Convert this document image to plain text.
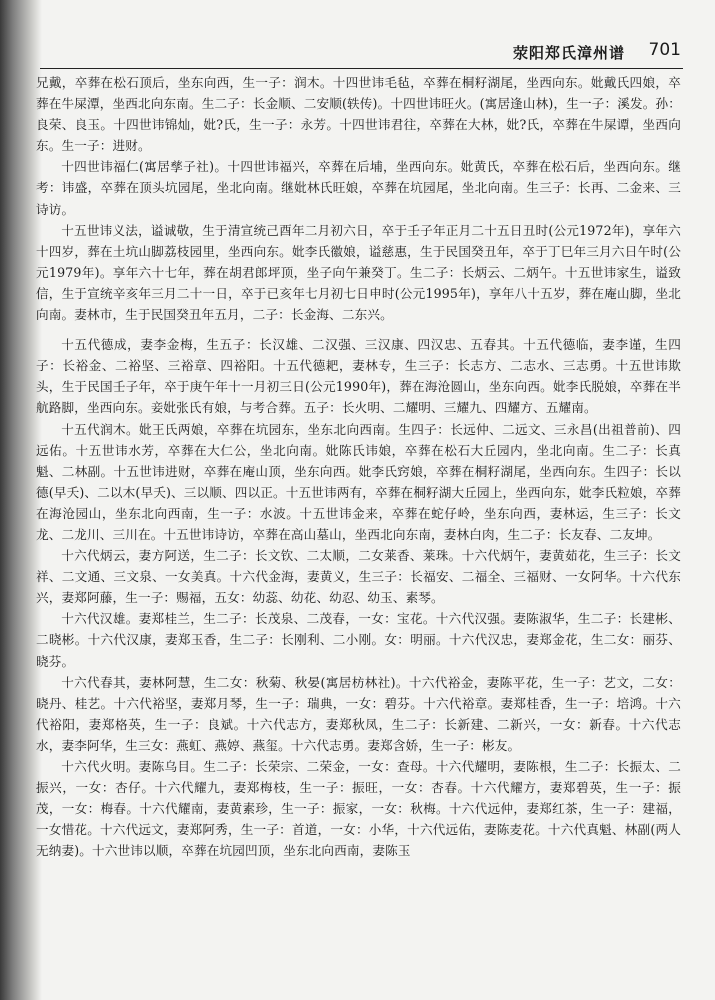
荥阳郑氏漳州谱 701

兄戴，卒葬在松石顶后，坐东向西，生一子：润木。十四世讳毛毡，卒葬在桐籽湖尾，坐西向东。妣戴氏四娘，卒葬在牛屎潭，坐西北向东南。生二子：长金顺、二安顺(轶传)。十四世讳旺火。(寓居逢山林)，生一子：溪发。孙：良荣、良玉。十四世讳锦灿，妣?氏，生一子：永芳。十四世讳君往，卒葬在大林，妣?氏，卒葬在牛屎谭，坐西向东。生一子：进财。

十四世讳福仁(寓居孳子社)。十四世讳福兴，卒葬在后埔，坐西向东。妣黄氏，卒葬在松石后，坐西向东。继考：讳盛，卒葬在顶头坑园尾，坐北向南。继妣林氏旺娘，卒葬在坑园尾，坐北向南。生三子：长再、二金来、三诗访。

十五世讳义法，谥诚敬，生于清宣统己酉年二月初六日，卒于壬子年正月二十五日丑时(公元1972年)，享年六十四岁，葬在土坑山脚荔枝园里，坐西向东。妣李氏徽娘，谥慈惠，生于民国癸丑年，卒于丁巳年三月六日午时(公元1979年)。享年六十七年，葬在胡君郎坪顶，坐子向午兼癸丁。生二子：长炳云、二炳午。十五世讳家生，谥致信，生于宣统辛亥年三月二十一日，卒于已亥年七月初七日申时(公元1995年)，享年八十五岁，葬在庵山脚，坐北向南。妻林市，生于民国癸丑年五月，二子：长金海、二东兴。

十五代德成，妻李金梅，生五子：长汉雄、二汉强、三汉康、四汉忠、五春其。十五代德临，妻李谨，生四子：长裕金、二裕坚、三裕章、四裕阳。十五代德耙，妻林专，生三子：长志方、二志水、三志勇。十五世讳欺头，生于民国壬子年，卒于庚午年十一月初三日(公元1990年)，葬在海沧圆山，坐东向西。妣李氏脱娘，卒葬在半航路脚，坐西向东。妾妣张氏有娘，与考合葬。五子：长火明、二耀明、三耀九、四耀方、五耀南。

十五代润木。妣王氏两娘，卒葬在坑园东，坐东北向西南。生四子：长远仲、二远文、三永昌(出祖普前)、四远佑。十五世讳水芳，卒葬在大仁公，坐北向南。妣陈氏讳娘，卒葬在松石大丘园内，坐北向南。生二子：长真魁、二林副。十五世讳进财，卒葬在庵山顶，坐东向西。妣李氏窍娘，卒葬在桐籽湖尾，坐西向东。生四子：长以德(早夭)、二以木(早夭)、三以顺、四以正。十五世讳两有，卒葬在桐籽湖大丘园上，坐西向东，妣李氏粒娘，卒葬在海沧园山，坐东北向西南，生一子：水波。十五世讳金来，卒葬在蛇仔岭，坐东向西，妻林运，生三子：长文龙、二龙川、三川在。十五世讳诗访，卒葬在高山墓山，坐西北向东南，妻林白肉，生二子：长友春、二友坤。

十六代炳云，妻方阿送，生二子：长文钦、二太顺，二女莱香、莱珠。十六代炳午，妻黄茹花，生三子：长文祥、二文通、三文泉、一女美真。十六代金海，妻黄义，生三子：长福安、二福全、三福财、一女阿华。十六代东兴，妻郑阿藤，生一子：赐福，五女：幼蕊、幼花、幼忍、幼玉、素琴。

十六代汉雄。妻郑桂兰，生二子：长茂泉、二茂春，一女：宝花。十六代汉强。妻陈淑华，生二子：长建彬、二晓彬。十六代汉康，妻郑玉香，生二子：长刚利、二小刚。女：明丽。十六代汉忠，妻郑金花，生二女：丽芬、晓芬。

十六代春其，妻林阿慧，生二女：秋菊、秋晏(寓居枋林社)。十六代裕金，妻陈平花，生一子：艺文，二女：晓丹、桂艺。十六代裕坚，妻郑月琴，生一子：瑞典，一女：碧芬。十六代裕章。妻郑桂香，生一子：培鸿。十六代裕阳，妻郑格英，生一子：良斌。十六代志方，妻郑秋凤，生二子：长新建、二新兴，一女：新春。十六代志水，妻李阿华，生三女：燕虹、燕婷、燕玺。十六代志勇。妻郑含娇，生一子：彬友。

十六代火明。妻陈乌目。生二子：长荣宗、二荣金，一女：查母。十六代耀明，妻陈根，生二子：长振太、二振兴，一女：杏仔。十六代耀九，妻郑梅枝，生一子：振旺，一女：杏春。十六代耀方，妻郑碧英，生一子：振茂，一女：梅春。十六代耀南，妻黄素珍，生一子：振家，一女：秋梅。十六代远仲，妻郑红茶，生一子：建福，一女惜花。十六代远文，妻郑阿秀，生一子：首道，一女：小华，十六代远佑，妻陈麦花。十六代真魁、林副(两人无纳妻)。十六世讳以顺，卒葬在坑园凹顶，坐东北向西南，妻陈玉
